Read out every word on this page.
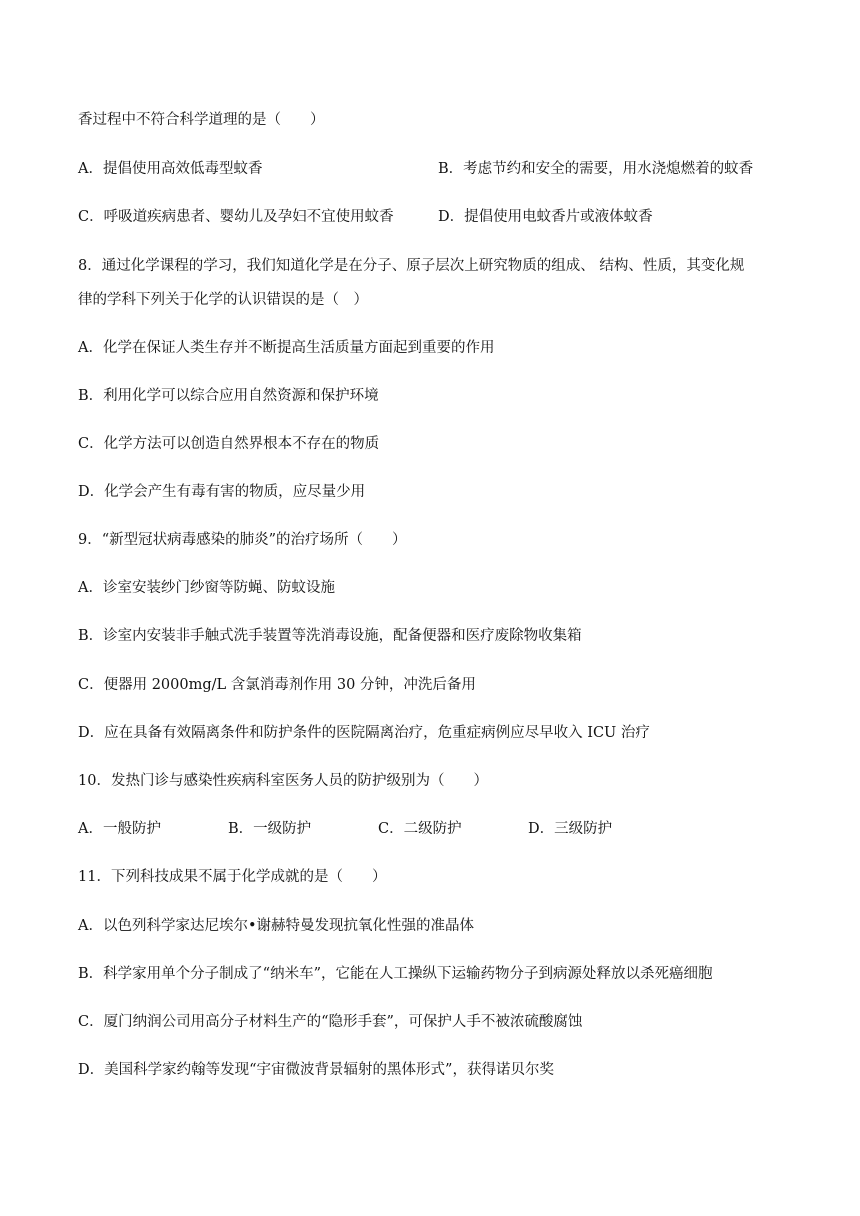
香过程中不符合科学道理的是（　　）
A．提倡使用高效低毒型蚊香	B．考虑节约和安全的需要，用水浇熄燃着的蚊香
C．呼吸道疾病患者、婴幼儿及孕妇不宜使用蚊香	D．提倡使用电蚊香片或液体蚊香
8．通过化学课程的学习，我们知道化学是在分子、原子层次上研究物质的组成、 结构、性质，其变化规
律的学科下列关于化学的认识错误的是（　）
A．化学在保证人类生存并不断提高生活质量方面起到重要的作用
B．利用化学可以综合应用自然资源和保护环境
C．化学方法可以创造自然界根本不存在的物质
D．化学会产生有毒有害的物质，应尽量少用
9．“新型冠状病毒感染的肺炎”的治疗场所（　　）
A．诊室安装纱门纱窗等防蝇、防蚊设施
B．诊室内安装非手触式洗手装置等洗消毒设施，配备便器和医疗废除物收集箱
C．便器用 2000mg/L 含氯消毒剂作用 30 分钟，冲洗后备用
D．应在具备有效隔离条件和防护条件的医院隔离治疗，危重症病例应尽早收入 ICU 治疗
10．发热门诊与感染性疾病科室医务人员的防护级别为（　　）
A．一般防护	B．一级防护	C．二级防护	D．三级防护
11．下列科技成果不属于化学成就的是（　　）
A．以色列科学家达尼埃尔•谢赫特曼发现抗氧化性强的准晶体
B．科学家用单个分子制成了“纳米车”，它能在人工操纵下运输药物分子到病源处释放以杀死癌细胞
C．厦门纳润公司用高分子材料生产的“隐形手套”，可保护人手不被浓硫酸腐蚀
D．美国科学家约翰等发现“宇宙微波背景辐射的黑体形式”，获得诺贝尔奖
